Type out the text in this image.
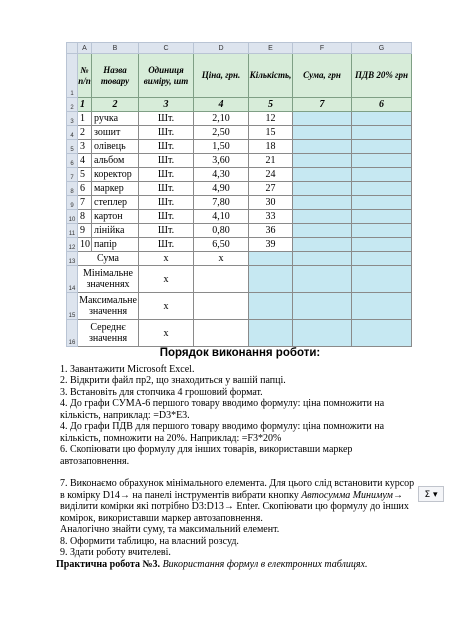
	A	B	C	D	E	F	G
1	№ п/п	Назва товару	Одиниця виміру, шт	Ціна, грн.	Кількість,	Сума, грн	ПДВ 20% грн
2	1	2	3	4	5	7	6
3	1	ручка	Шт.	2,10	12		
4	2	зошит	Шт.	2,50	15		
5	3	олівець	Шт.	1,50	18		
6	4	альбом	Шт.	3,60	21		
7	5	коректор	Шт.	4,30	24		
8	6	маркер	Шт.	4,90	27		
9	7	степлер	Шт.	7,80	30		
10	8	картон	Шт.	4,10	33		
11	9	лінійка	Шт.	0,80	36		
12	10	папір	Шт.	6,50	39		
13	Сума		х	х			
14	Мінімальне значеннях		х				
15	Максимальне значення		х				
16	Середнє значення		х				
Порядок виконання роботи:

1. Завантажити Microsoft Excel.

2. Відкрити файл пр2, що знаходиться у вашій папці.

3. Встановіть для стопчика 4 грошовий формат.

4. До графи СУМА-6 першого товару вводимо формулу: ціна помножити на кількість, наприклад: =D3*E3.

4. До графи ПДВ для першого товару вводимо формулу: ціна помножити на кількість, помножити на 20%. Наприклад: =F3*20%

6. Скопіювати цю формулу для інших товарів, використавши маркер автозаповнення.

7. Виконаємо обрахунок мінімального елемента. Для цього слід встановити курсор в комірку D14→ на панелі інструментів вибрати кнопку Автосумма Минимум→ виділити комірки які потрібно D3:D13→ Enter. Скопіювати цю формулу до інших комірок, використавши маркер автозаповнення.

Аналогічно знайти суму, та максимальний елемент.

8. Оформити таблицю, на власний розсуд.

9. Здати роботу вчителеві.

Практична робота №3. Використання формул в електронних таблицях.

Σ ▾
